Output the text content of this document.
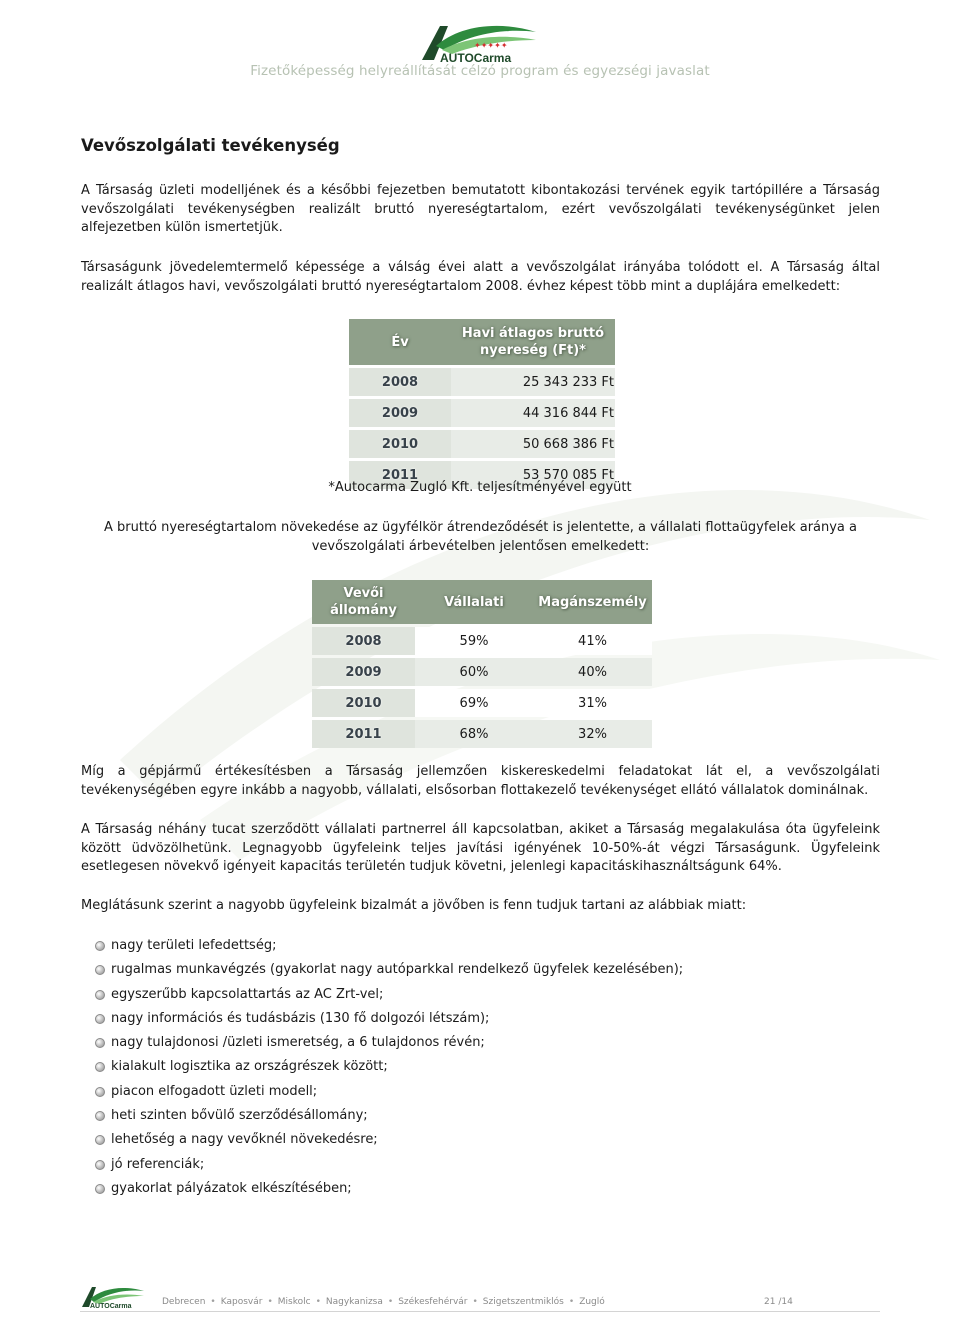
✦✦✦✦✦
AUTOCarma
Fizetőképesség helyreállítását célzó program és egyezségi javaslat
Vevőszolgálati tevékenység
A Társaság üzleti modelljének és a későbbi fejezetben bemutatott kibontakozási tervének egyik tartópillére a Társaság vevőszolgálati tevékenységben realizált bruttó nyereségtartalom, ezért vevőszolgálati tevékenységünket jelen alfejezetben külön ismertetjük.
Társaságunk jövedelemtermelő képessége a válság évei alatt a vevőszolgálat irányába tolódott el. A Társaság által realizált átlagos havi, vevőszolgálati bruttó nyereségtartalom 2008. évhez képest több mint a duplájára emelkedett:
Év	Havi átlagos bruttó nyereség (Ft)*
2008	25 343 233 Ft
2009	44 316 844 Ft
2010	50 668 386 Ft
2011	53 570 085 Ft
*Autocarma Zugló Kft. teljesítményével együtt
A bruttó nyereségtartalom növekedése az ügyfélkör átrendeződését is jelentette, a vállalati flottaügyfelek aránya a vevőszolgálati árbevételben jelentősen emelkedett:
Vevői állomány	Vállalati	Magánszemély
2008	59%	41%
2009	60%	40%
2010	69%	31%
2011	68%	32%
Míg a gépjármű értékesítésben a Társaság jellemzően kiskereskedelmi feladatokat lát el, a vevőszolgálati tevékenységében egyre inkább a nagyobb, vállalati, elsősorban flottakezelő tevékenységet ellátó vállalatok dominálnak.
A Társaság néhány tucat szerződött vállalati partnerrel áll kapcsolatban, akiket a Társaság megalakulása óta ügyfeleink között üdvözölhetünk. Legnagyobb ügyfeleink teljes javítási igényének 10-50%-át végzi Társaságunk. Ügyfeleink esetlegesen növekvő igényeit kapacitás területén tudjuk követni, jelenlegi kapacitáskihasználtságunk 64%.
Meglátásunk szerint a nagyobb ügyfeleink bizalmát a jövőben is fenn tudjuk tartani az alábbiak miatt:
nagy területi lefedettség;
rugalmas munkavégzés (gyakorlat nagy autóparkkal rendelkező ügyfelek kezelésében);
egyszerűbb kapcsolattartás az AC Zrt-vel;
nagy információs és tudásbázis (130 fő dolgozói létszám);
nagy tulajdonosi /üzleti ismeretség, a 6 tulajdonos révén;
kialakult logisztika az országrészek között;
piacon elfogadott üzleti modell;
heti szinten bővülő szerződésállomány;
lehetőség a nagy vevőknél növekedésre;
jó referenciák;
gyakorlat pályázatok elkészítésében;
AUTOCarma	Debrecen • Kaposvár • Miskolc • Nagykanizsa • Székesfehérvár • Szigetszentmiklós • Zugló	21 /14
